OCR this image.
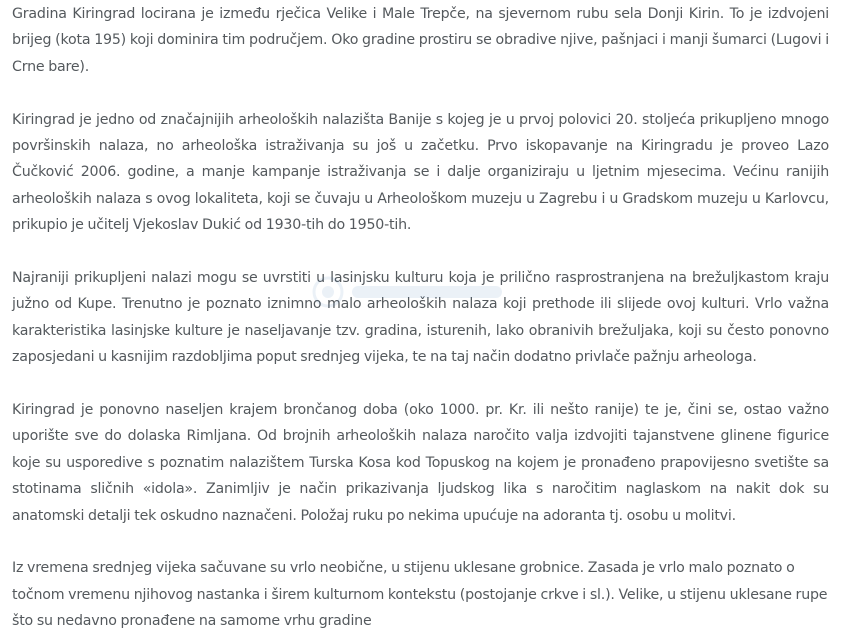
Gradina Kiringrad locirana je između rječica Velike i Male Trepče, na sjevernom rubu sela Donji Kirin. To je izdvojeni brijeg (kota 195) koji dominira tim područjem. Oko gradine prostiru se obradive njive, pašnjaci i manji šumarci (Lugovi i Crne bare).

Kiringrad je jedno od značajnijih arheoloških nalazišta Banije s kojeg je u prvoj polovici 20. stoljeća prikupljeno mnogo površinskih nalaza, no arheološka istraživanja su još u začetku. Prvo iskopavanje na Kiringradu je proveo Lazo Čučković 2006. godine, a manje kampanje istraživanja se i dalje organiziraju u ljetnim mjesecima. Većinu ranijih arheoloških nalaza s ovog lokaliteta, koji se čuvaju u Arheološkom muzeju u Zagrebu i u Gradskom muzeju u Karlovcu, prikupio je učitelj Vjekoslav Dukić od 1930-tih do 1950-tih.

Najraniji prikupljeni nalazi mogu se uvrstiti u lasinjsku kulturu koja je prilično rasprostranjena na brežuljkastom kraju južno od Kupe. Trenutno je poznato iznimno malo arheoloških nalaza koji prethode ili slijede ovoj kulturi. Vrlo važna karakteristika lasinjske kulture je naseljavanje tzv. gradina, isturenih, lako obranivih brežuljaka, koji su često ponovno zaposjedani u kasnijim razdobljima poput srednjeg vijeka, te na taj način dodatno privlače pažnju arheologa.

Kiringrad je ponovno naseljen krajem brončanog doba (oko 1000. pr. Kr. ili nešto ranije) te je, čini se, ostao važno uporište sve do dolaska Rimljana. Od brojnih arheoloških nalaza naročito valja izdvojiti tajanstvene glinene figurice koje su usporedive s poznatim nalazištem Turska Kosa kod Topuskog na kojem je pronađeno prapovijesno svetište sa stotinama sličnih «idola». Zanimljiv je način prikazivanja ljudskog lika s naročitim naglaskom na nakit dok su anatomski detalji tek oskudno naznačeni. Položaj ruku po nekima upućuje na adoranta tj. osobu u molitvi.

Iz vremena srednjeg vijeka sačuvane su vrlo neobične, u stijenu uklesane grobnice. Zasada je vrlo malo poznato o točnom vremenu njihovog nastanka i širem kulturnom kontekstu (postojanje crkve i sl.). Velike, u stijenu uklesane rupe što su nedavno pronađene na samome vrhu gradine
